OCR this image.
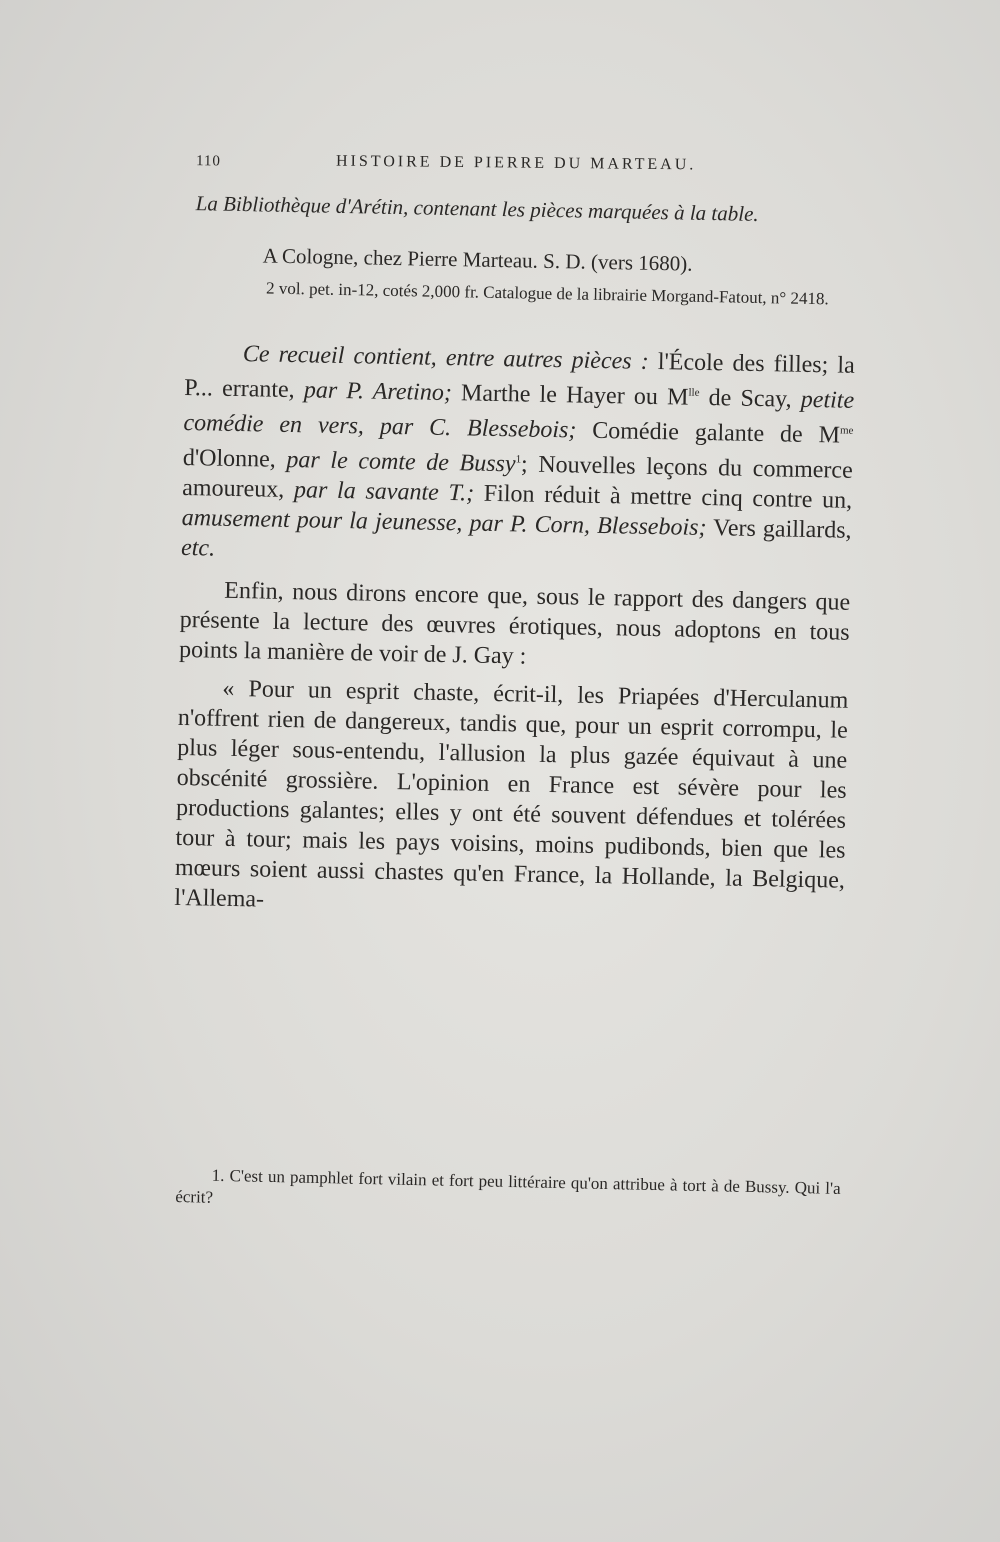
110	HISTOIRE DE PIERRE DU MARTEAU.

La Bibliothèque d'Arétin, contenant les pièces marquées à la table.

A Cologne, chez Pierre Marteau. S. D. (vers 1680).

2 vol. pet. in-12, cotés 2,000 fr. Catalogue de la librairie Morgand-Fatout, n° 2418.

Ce recueil contient, entre autres pièces : l'École des filles; la P... errante, par P. Aretino; Marthe le Hayer ou $M^{lle}$ de Scay, petite comédie en vers, par C. Blessebois; Comédie galante de $M^{me}$ d'Olonne, par le comte de Bussy$^1$; Nouvelles leçons du commerce amoureux, par la savante T.; Filon réduit à mettre cinq contre un, amusement pour la jeunesse, par P. Corn, Blessebois; Vers gaillards, etc.

Enfin, nous dirons encore que, sous le rapport des dangers que présente la lecture des œuvres érotiques, nous adoptons en tous points la manière de voir de J. Gay :

« Pour un esprit chaste, écrit-il, les Priapées d'Herculanum n'offrent rien de dangereux, tandis que, pour un esprit corrompu, le plus léger sous-entendu, l'allusion la plus gazée équivaut à une obscénité grossière. L'opinion en France est sévère pour les productions galantes; elles y ont été souvent défendues et tolérées tour à tour; mais les pays voisins, moins pudibonds, bien que les mœurs soient aussi chastes qu'en France, la Hollande, la Belgique, l'Allema-

1. C'est un pamphlet fort vilain et fort peu littéraire qu'on attribue à tort à de Bussy. Qui l'a écrit?
